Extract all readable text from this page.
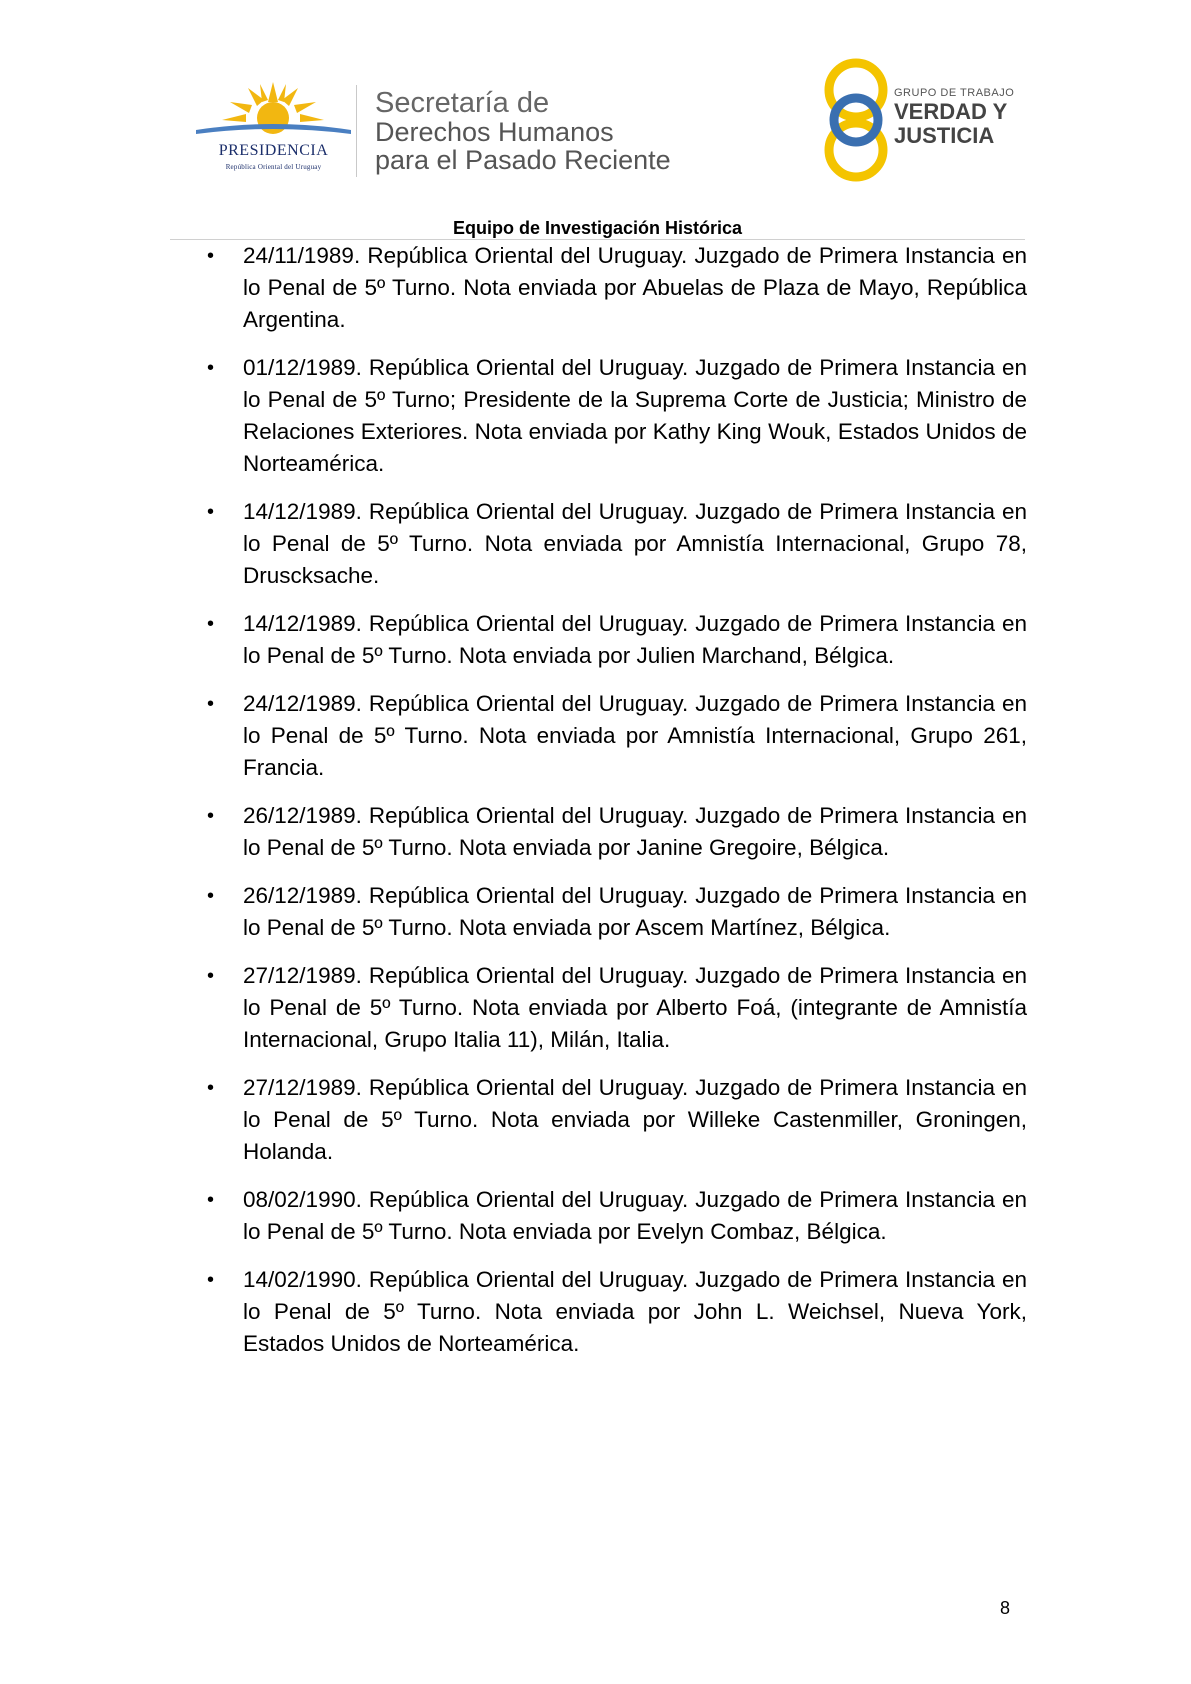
PRESIDENCIA
República Oriental del Uruguay
Secretaría de
Derechos Humanos
para el Pasado Reciente
GRUPO DE TRABAJO
VERDAD Y
JUSTICIA
Equipo de Investigación Histórica
• 24/11/1989. República Oriental del Uruguay. Juzgado de Primera Instancia en lo Penal de 5º Turno. Nota enviada por Abuelas de Plaza de Mayo, República Argentina.
• 01/12/1989. República Oriental del Uruguay. Juzgado de Primera Instancia en lo Penal de 5º Turno; Presidente de la Suprema Corte de Justicia; Ministro de Relaciones Exteriores. Nota enviada por Kathy King Wouk, Estados Unidos de Norteamérica.
• 14/12/1989. República Oriental del Uruguay. Juzgado de Primera Instancia en lo Penal de 5º Turno. Nota enviada por Amnistía Internacional, Grupo 78, Druscksache.
• 14/12/1989. República Oriental del Uruguay. Juzgado de Primera Instancia en lo Penal de 5º Turno. Nota enviada por Julien Marchand, Bélgica.
• 24/12/1989. República Oriental del Uruguay. Juzgado de Primera Instancia en lo Penal de 5º Turno. Nota enviada por Amnistía Internacional, Grupo 261, Francia.
• 26/12/1989. República Oriental del Uruguay. Juzgado de Primera Instancia en lo Penal de 5º Turno. Nota enviada por Janine Gregoire, Bélgica.
• 26/12/1989. República Oriental del Uruguay. Juzgado de Primera Instancia en lo Penal de 5º Turno. Nota enviada por Ascem Martínez, Bélgica.
• 27/12/1989. República Oriental del Uruguay. Juzgado de Primera Instancia en lo Penal de 5º Turno. Nota enviada por Alberto Foá, (integrante de Amnistía Internacional, Grupo Italia 11), Milán, Italia.
• 27/12/1989. República Oriental del Uruguay. Juzgado de Primera Instancia en lo Penal de 5º Turno. Nota enviada por Willeke Castenmiller, Groningen, Holanda.
• 08/02/1990. República Oriental del Uruguay. Juzgado de Primera Instancia en lo Penal de 5º Turno. Nota enviada por Evelyn Combaz, Bélgica.
• 14/02/1990. República Oriental del Uruguay. Juzgado de Primera Instancia en lo Penal de 5º Turno. Nota enviada por John L. Weichsel, Nueva York, Estados Unidos de Norteamérica.
8
